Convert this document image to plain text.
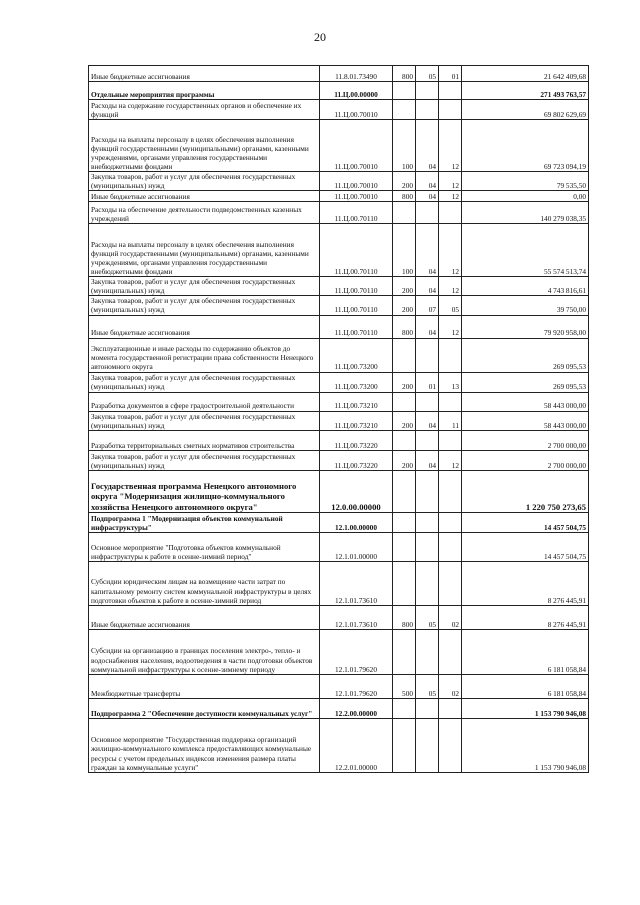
20
Иные бюджетные ассигнования	11.8.01.73490	800	05	01	21 642 409,68
Отдельные мероприятия программы	11.Ц.00.00000				271 493 763,57
Расходы на содержание государственных органов и обеспечение их функций	11.Ц.00.70010				69 802 629,69
Расходы на выплаты персоналу в целях обеспечения выполнения функций государственными (муниципальными) органами, казенными учреждениями, органами управления государственными внебюджетными фондами	11.Ц.00.70010	100	04	12	69 723 094,19
Закупка товаров, работ и услуг для обеспечения государственных (муниципальных) нужд	11.Ц.00.70010	200	04	12	79 535,50
Иные бюджетные ассигнования	11.Ц.00.70010	800	04	12	0,00
Расходы на обеспечение деятельности подведомственных казенных учреждений	11.Ц.00.70110				140 279 038,35
Расходы на выплаты персоналу в целях обеспечения выполнения функций государственными (муниципальными) органами, казенными учреждениями, органами управления государственными внебюджетными фондами	11.Ц.00.70110	100	04	12	55 574 513,74
Закупка товаров, работ и услуг для обеспечения государственных (муниципальных) нужд	11.Ц.00.70110	200	04	12	4 743 816,61
Закупка товаров, работ и услуг для обеспечения государственных (муниципальных) нужд	11.Ц.00.70110	200	07	05	39 750,00
Иные бюджетные ассигнования	11.Ц.00.70110	800	04	12	79 920 958,00
Эксплуатационные и иные расходы по содержанию объектов до момента государственной регистрации права собственности Ненецкого автономного округа	11.Ц.00.73200				269 095,53
Закупка товаров, работ и услуг для обеспечения государственных (муниципальных) нужд	11.Ц.00.73200	200	01	13	269 095,53
Разработка документов в сфере градостроительной деятельности	11.Ц.00.73210				58 443 000,00
Закупка товаров, работ и услуг для обеспечения государственных (муниципальных) нужд	11.Ц.00.73210	200	04	11	58 443 000,00
Разработка территориальных сметных нормативов строительства	11.Ц.00.73220				2 700 000,00
Закупка товаров, работ и услуг для обеспечения государственных (муниципальных) нужд	11.Ц.00.73220	200	04	12	2 700 000,00
Государственная программа Ненецкого автономного округа "Модернизация жилищно-коммунального хозяйства Ненецкого автономного округа"	12.0.00.00000				1 220 750 273,65
Подпрограмма 1 "Модернизация объектов коммунальной инфраструктуры"	12.1.00.00000				14 457 504,75
Основное мероприятие "Подготовка объектов коммунальной инфраструктуры к работе в осенне-зимний период"	12.1.01.00000				14 457 504,75
Субсидии юридическим лицам на возмещение части затрат по капитальному ремонту систем коммунальной инфраструктуры в целях подготовки объектов к работе в осенне-зимний период	12.1.01.73610				8 276 445,91
Иные бюджетные ассигнования	12.1.01.73610	800	05	02	8 276 445,91
Субсидии на организацию в границах поселения электро-, тепло- и водоснабжения населения, водоотведения в части подготовки объектов коммунальной инфраструктуры к осенне-зимнему периоду	12.1.01.79620				6 181 058,84
Межбюджетные трансферты	12.1.01.79620	500	05	02	6 181 058,84
Подпрограмма 2 "Обеспечение доступности коммунальных услуг"	12.2.00.00000				1 153 790 946,08
Основное мероприятие "Государственная поддержка организаций жилищно-коммунального комплекса предоставляющих коммунальные ресурсы с учетом предельных индексов изменения размера платы граждан за коммунальные услуги"	12.2.01.00000				1 153 790 946,08
